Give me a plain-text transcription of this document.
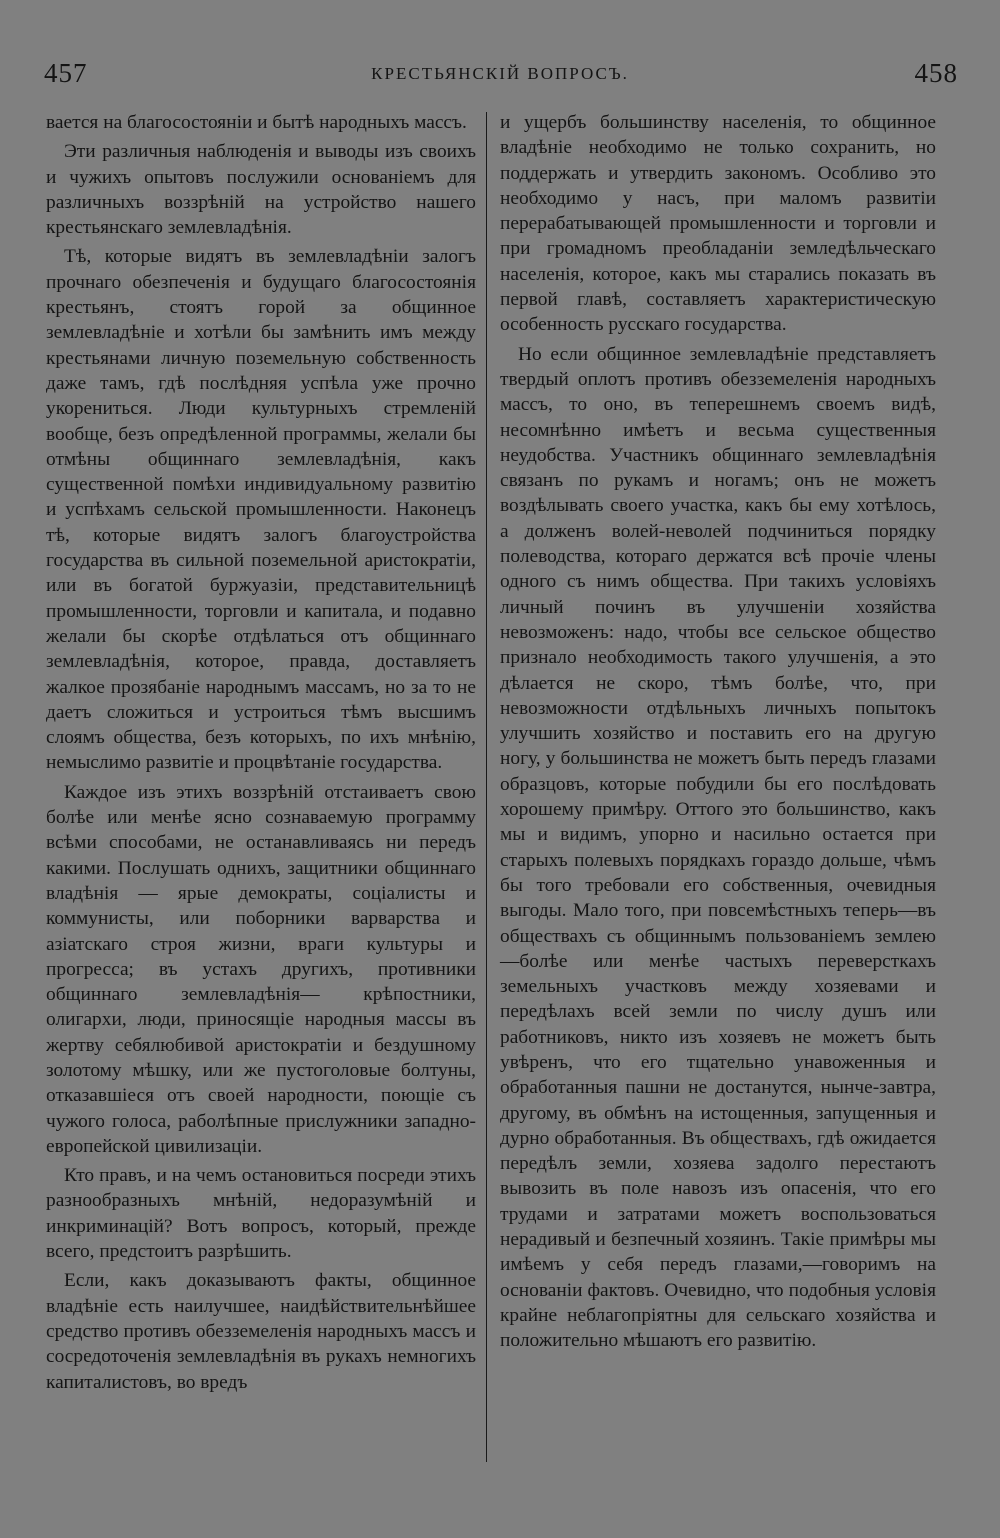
457	КРЕСТЬЯНСКІЙ ВОПРОСЪ.	458

вается на благосостояніи и бытѣ народныхъ массъ.

Эти различныя наблюденія и выводы изъ своихъ и чужихъ опытовъ послужили основаніемъ для различныхъ воззрѣній на устройство нашего крестьянскаго землевладѣнія.

Тѣ, которые видятъ въ землевладѣніи залогъ прочнаго обезпеченія и будущаго благосостоянія крестьянъ, стоятъ горой за общинное землевладѣніе и хотѣли бы замѣнить имъ между крестьянами личную поземельную собственность даже тамъ, гдѣ послѣдняя успѣла уже прочно укорениться. Люди культурныхъ стремленій вообще, безъ опредѣленной программы, желали бы отмѣны общиннаго землевладѣнія, какъ существенной помѣхи индивидуальному развитію и успѣхамъ сельской промышленности. Наконецъ тѣ, которые видятъ залогъ благоустройства государства въ сильной поземельной аристократіи, или въ богатой буржуазіи, представительницѣ промышленности, торговли и капитала, и подавно желали бы скорѣе отдѣлаться отъ общиннаго землевладѣнія, которое, правда, доставляетъ жалкое прозябаніе народнымъ массамъ, но за то не даетъ сложиться и устроиться тѣмъ высшимъ слоямъ общества, безъ которыхъ, по ихъ мнѣнію, немыслимо развитіе и процвѣтаніе государства.

Каждое изъ этихъ воззрѣній отстаиваетъ свою болѣе или менѣе ясно сознаваемую программу всѣми способами, не останавливаясь ни передъ какими. Послушать однихъ, защитники общиннаго владѣнія — ярые демократы, соціалисты и коммунисты, или поборники варварства и азіатскаго строя жизни, враги культуры и прогресса; въ устахъ другихъ, противники общиннаго землевладѣнія— крѣпостники, олигархи, люди, приносящіе народныя массы въ жертву себялюбивой аристократіи и бездушному золотому мѣшку, или же пустоголовые болтуны, отказавшіеся отъ своей народности, поющіе съ чужого голоса, раболѣпные прислужники западно-европейской цивилизаціи.

Кто правъ, и на чемъ остановиться посреди этихъ разнообразныхъ мнѣній, недоразумѣній и инкриминацій? Вотъ вопросъ, который, прежде всего, предстоитъ разрѣшить.

Если, какъ доказываютъ факты, общинное владѣніе есть наилучшее, наидѣйствительнѣйшее средство противъ обезземеленія народныхъ массъ и сосредоточенія землевладѣнія въ рукахъ немногихъ капиталистовъ, во вредъ

и ущербъ большинству населенія, то общинное владѣніе необходимо не только сохранить, но поддержать и утвердить закономъ. Особливо это необходимо у насъ, при маломъ развитіи перерабатывающей промышленности и торговли и при громадномъ преобладаніи земледѣльческаго населенія, которое, какъ мы старались показать въ первой главѣ, составляетъ характеристическую особенность русскаго государства.

Но если общинное землевладѣніе представляетъ твердый оплотъ противъ обезземеленія народныхъ массъ, то оно, въ теперешнемъ своемъ видѣ, несомнѣнно имѣетъ и весьма существенныя неудобства. Участникъ общиннаго землевладѣнія связанъ по рукамъ и ногамъ; онъ не можетъ воздѣлывать своего участка, какъ бы ему хотѣлось, а долженъ волей-неволей подчиниться порядку полеводства, котораго держатся всѣ прочіе члены одного съ нимъ общества. При такихъ условіяхъ личный починъ въ улучшеніи хозяйства невозможенъ: надо, чтобы все сельское общество признало необходимость такого улучшенія, а это дѣлается не скоро, тѣмъ болѣе, что, при невозможности отдѣльныхъ личныхъ попытокъ улучшить хозяйство и поставить его на другую ногу, у большинства не можетъ быть передъ глазами образцовъ, которые побудили бы его послѣдовать хорошему примѣру. Оттого это большинство, какъ мы и видимъ, упорно и насильно остается при старыхъ полевыхъ порядкахъ гораздо дольше, чѣмъ бы того требовали его собственныя, очевидныя выгоды. Мало того, при повсемѣстныхъ теперь—въ обществахъ съ общиннымъ пользованіемъ землею—болѣе или менѣе частыхъ переверсткахъ земельныхъ участковъ между хозяевами и передѣлахъ всей земли по числу душъ или работниковъ, никто изъ хозяевъ не можетъ быть увѣренъ, что его тщательно унавоженныя и обработанныя пашни не достанутся, нынче-завтра, другому, въ обмѣнъ на истощенныя, запущенныя и дурно обработанныя. Въ обществахъ, гдѣ ожидается передѣлъ земли, хозяева задолго перестаютъ вывозить въ поле навозъ изъ опасенія, что его трудами и затратами можетъ воспользоваться нерадивый и безпечный хозяинъ. Такіе примѣры мы имѣемъ у себя передъ глазами,—говоримъ на основаніи фактовъ. Очевидно, что подобныя условія крайне неблагопріятны для сельскаго хозяйства и положительно мѣшаютъ его развитію.
